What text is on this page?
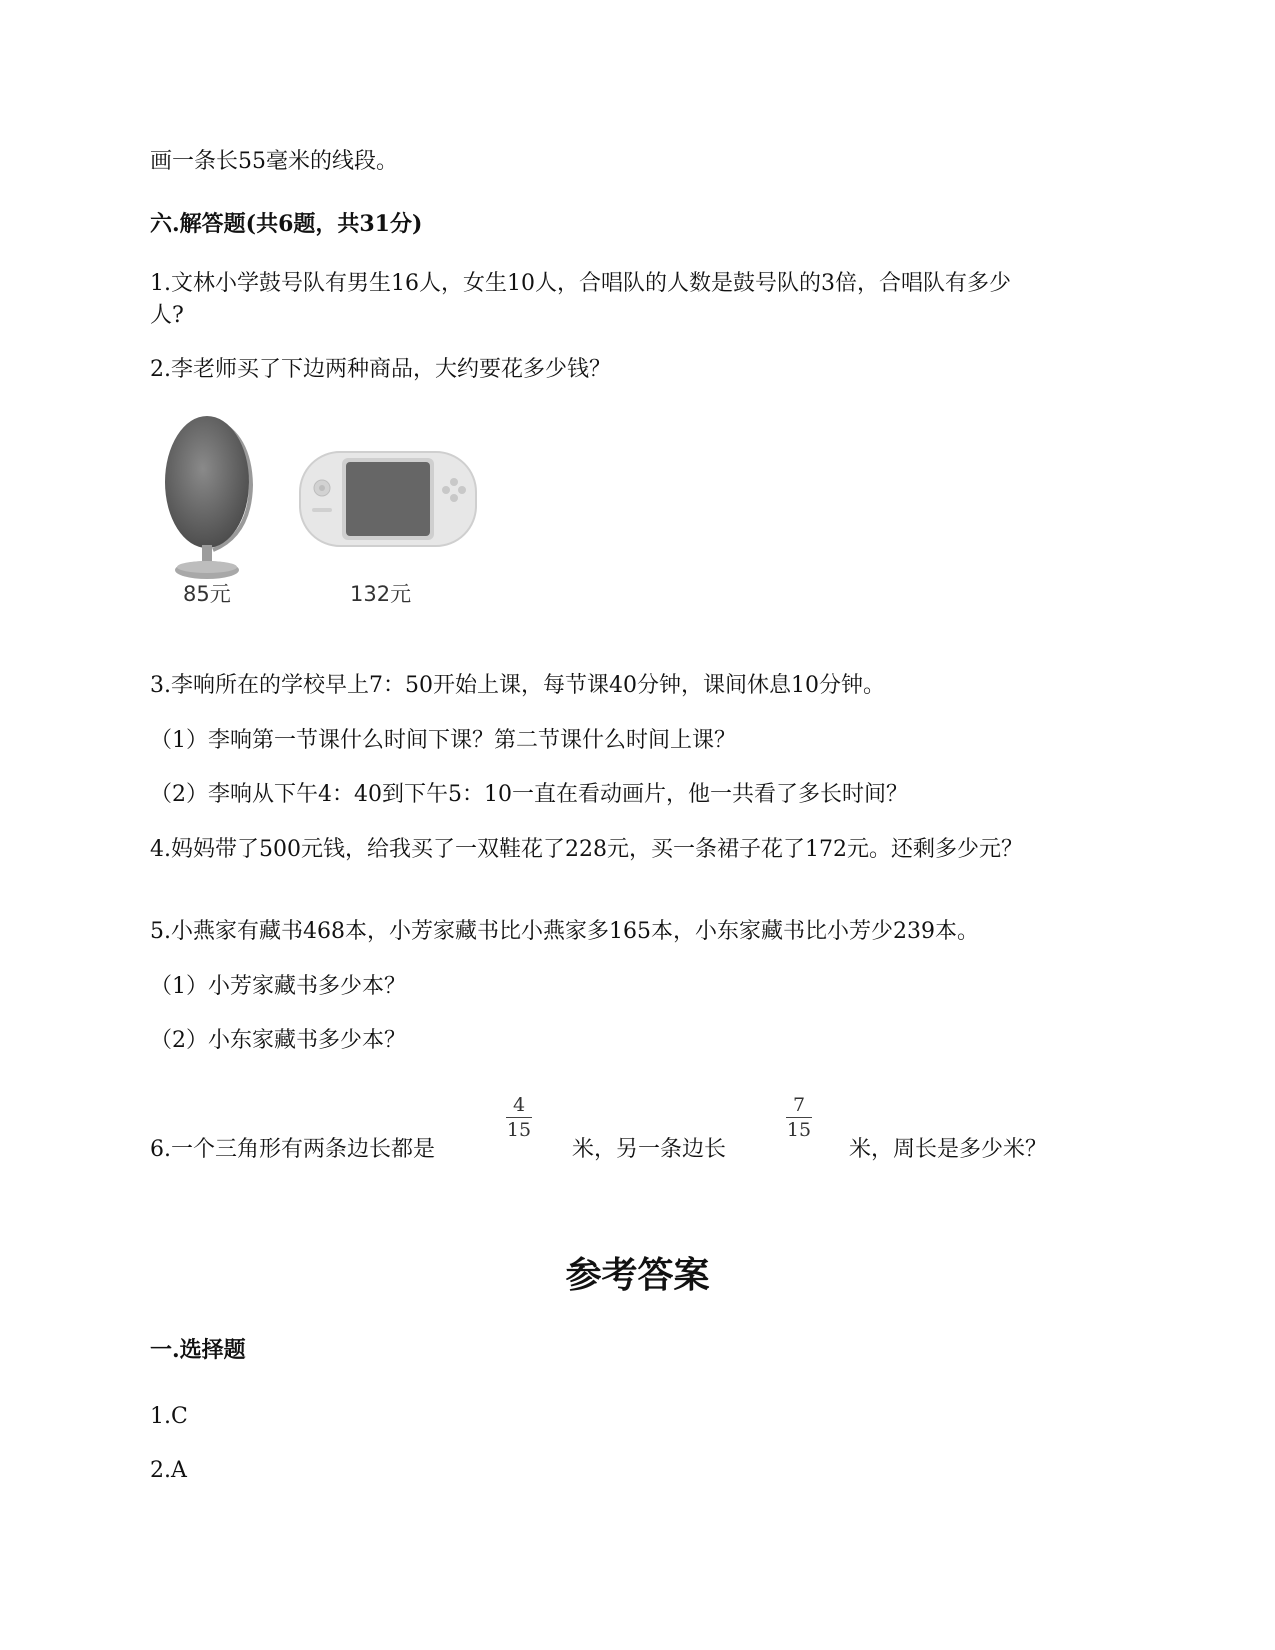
画一条长55毫米的线段。
六.解答题(共6题，共31分)
1.文林小学鼓号队有男生16人，女生10人，合唱队的人数是鼓号队的3倍，合唱队有多少
人?
2.李老师买了下边两种商品，大约要花多少钱？
85元	132元
3.李响所在的学校早上7：50开始上课，每节课40分钟，课间休息10分钟。
（1）李响第一节课什么时间下课？第二节课什么时间上课？
（2）李响从下午4：40到下午5：10一直在看动画片，他一共看了多长时间？
4.妈妈带了500元钱，给我买了一双鞋花了228元，买一条裙子花了172元。还剩多少元？
5.小燕家有藏书468本，小芳家藏书比小燕家多165本，小东家藏书比小芳少239本。
（1）小芳家藏书多少本？
（2）小东家藏书多少本？
6.一个三角形有两条边长都是
4
15
米，另一条边长
7
15
米，周长是多少米？
参考答案
一.选择题
1.C
2.A
